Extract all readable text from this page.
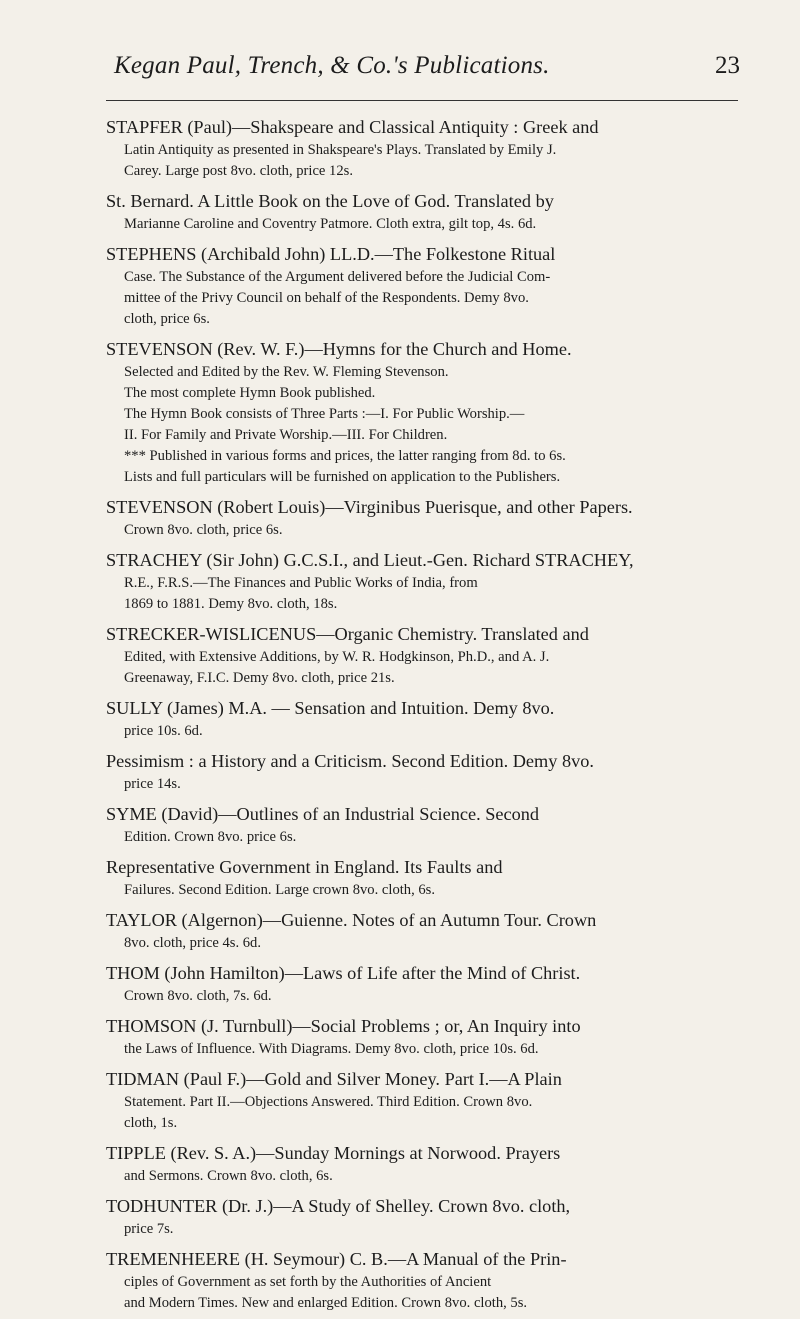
Kegan Paul, Trench, & Co.'s Publications.	23
STAPFER (Paul)—Shakspeare and Classical Antiquity : Greek and
Latin Antiquity as presented in Shakspeare's Plays. Translated by Emily J.
Carey. Large post 8vo. cloth, price 12s.
St. Bernard. A Little Book on the Love of God. Translated by
Marianne Caroline and Coventry Patmore. Cloth extra, gilt top, 4s. 6d.
STEPHENS (Archibald John) LL.D.—The Folkestone Ritual
Case. The Substance of the Argument delivered before the Judicial Com-
mittee of the Privy Council on behalf of the Respondents. Demy 8vo.
cloth, price 6s.
STEVENSON (Rev. W. F.)—Hymns for the Church and Home.
Selected and Edited by the Rev. W. Fleming Stevenson.
The most complete Hymn Book published.
The Hymn Book consists of Three Parts :—I. For Public Worship.—
II. For Family and Private Worship.—III. For Children.
*** Published in various forms and prices, the latter ranging from 8d. to 6s.
Lists and full particulars will be furnished on application to the Publishers.
STEVENSON (Robert Louis)—Virginibus Puerisque, and other Papers.
Crown 8vo. cloth, price 6s.
STRACHEY (Sir John) G.C.S.I., and Lieut.-Gen. Richard STRACHEY,
R.E., F.R.S.—The Finances and Public Works of India, from
1869 to 1881. Demy 8vo. cloth, 18s.
STRECKER-WISLICENUS—Organic Chemistry. Translated and
Edited, with Extensive Additions, by W. R. Hodgkinson, Ph.D., and A. J.
Greenaway, F.I.C. Demy 8vo. cloth, price 21s.
SULLY (James) M.A. — Sensation and Intuition. Demy 8vo.
price 10s. 6d.
Pessimism : a History and a Criticism. Second Edition. Demy 8vo.
price 14s.
SYME (David)—Outlines of an Industrial Science. Second
Edition. Crown 8vo. price 6s.
Representative Government in England. Its Faults and
Failures. Second Edition. Large crown 8vo. cloth, 6s.
TAYLOR (Algernon)—Guienne. Notes of an Autumn Tour. Crown
8vo. cloth, price 4s. 6d.
THOM (John Hamilton)—Laws of Life after the Mind of Christ.
Crown 8vo. cloth, 7s. 6d.
THOMSON (J. Turnbull)—Social Problems ; or, An Inquiry into
the Laws of Influence. With Diagrams. Demy 8vo. cloth, price 10s. 6d.
TIDMAN (Paul F.)—Gold and Silver Money. Part I.—A Plain
Statement. Part II.—Objections Answered. Third Edition. Crown 8vo.
cloth, 1s.
TIPPLE (Rev. S. A.)—Sunday Mornings at Norwood. Prayers
and Sermons. Crown 8vo. cloth, 6s.
TODHUNTER (Dr. J.)—A Study of Shelley. Crown 8vo. cloth,
price 7s.
TREMENHEERE (H. Seymour) C. B.—A Manual of the Prin-
ciples of Government as set forth by the Authorities of Ancient
and Modern Times. New and enlarged Edition. Crown 8vo. cloth, 5s.
